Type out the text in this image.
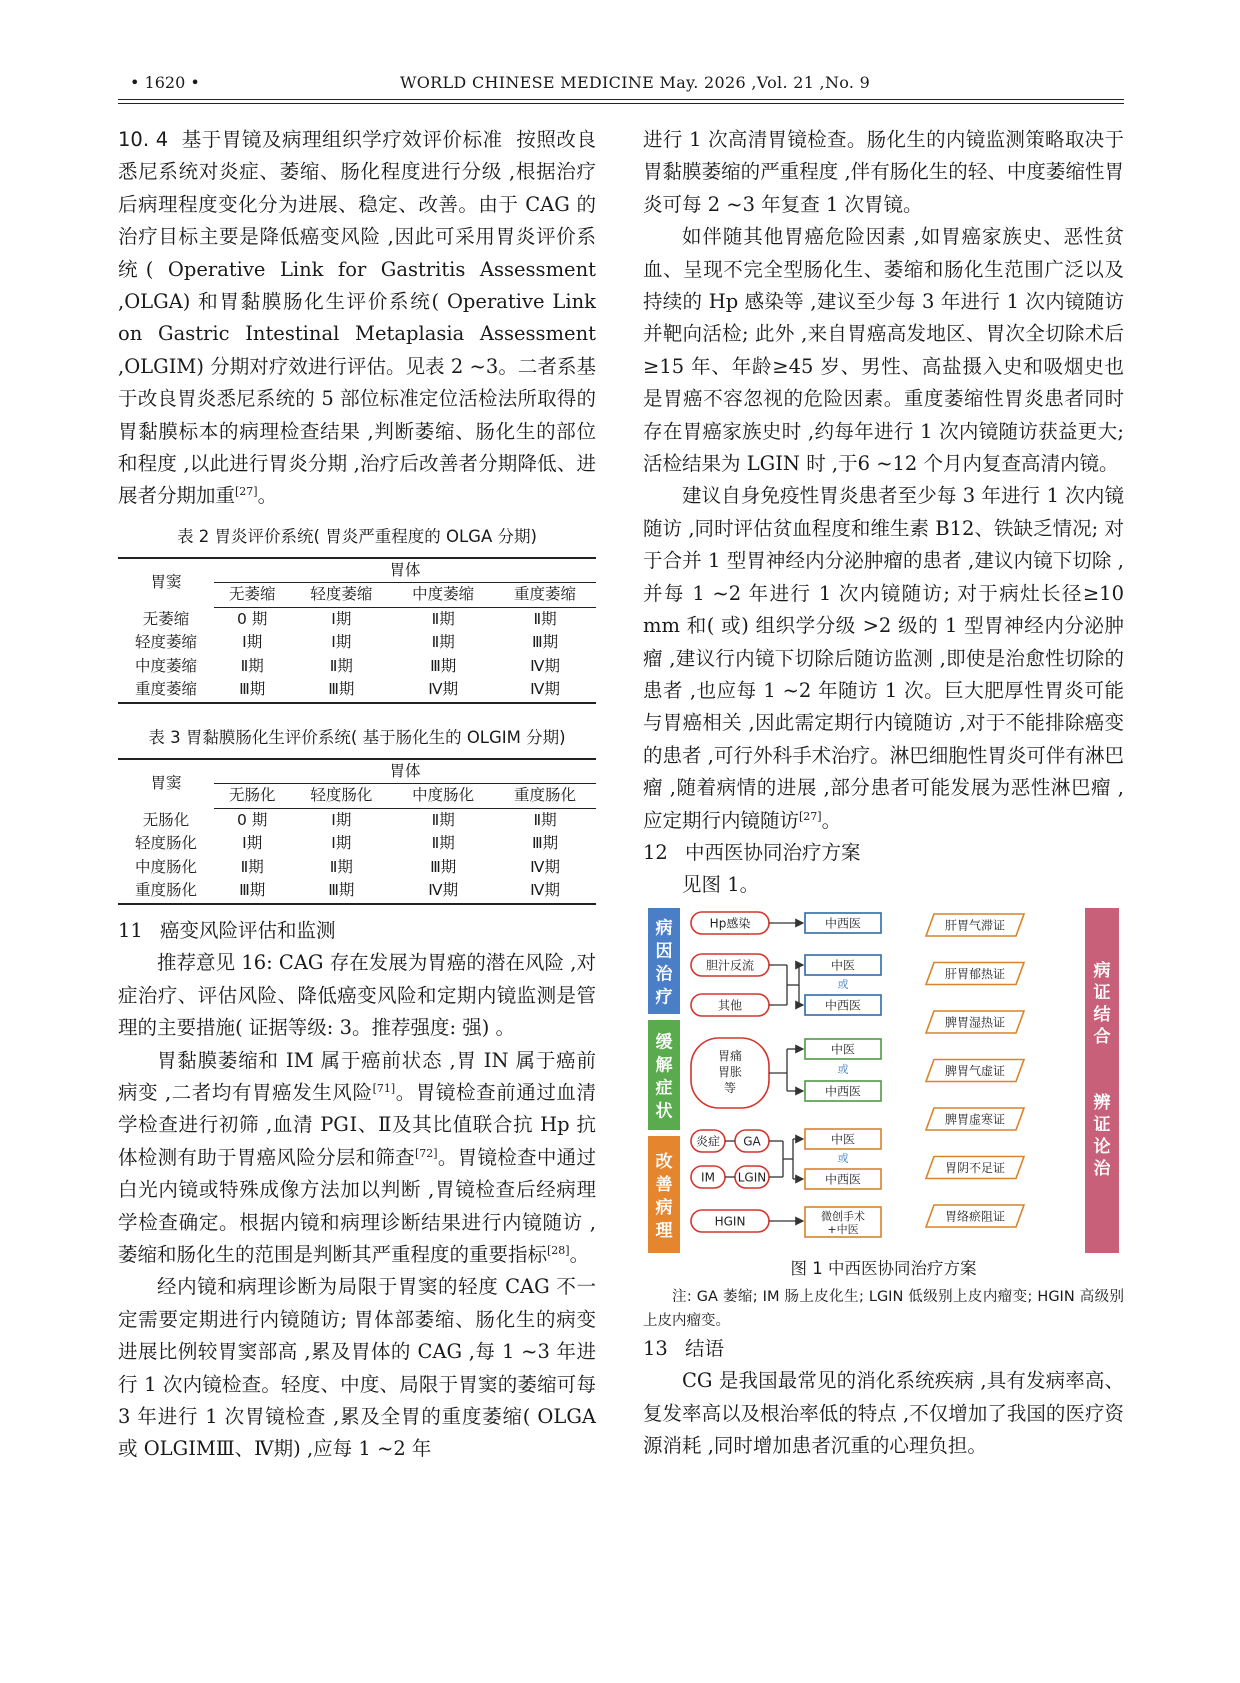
• 1620 •	WORLD CHINESE MEDICINE May. 2026 ,Vol. 21 ,No. 9

10. 4 基于胃镜及病理组织学疗效评价标准 按照改良悉尼系统对炎症、萎缩、肠化程度进行分级 ,根据治疗后病理程度变化分为进展、稳定、改善。由于 CAG 的治疗目标主要是降低癌变风险 ,因此可采用胃炎评价系统( Operative Link for Gastritis Assessment ,OLGA) 和胃黏膜肠化生评价系统( Operative Link on Gastric Intestinal Metaplasia Assessment ,OLGIM) 分期对疗效进行评估。见表 2 ~3。二者系基于改良胃炎悉尼系统的 5 部位标准定位活检法所取得的胃黏膜标本的病理检查结果 ,判断萎缩、肠化生的部位和程度 ,以此进行胃炎分期 ,治疗后改善者分期降低、进展者分期加重[27]。

表 2 胃炎评价系统( 胃炎严重程度的 OLGA 分期)
胃窦	胃体			
	无萎缩	轻度萎缩	中度萎缩	重度萎缩
无萎缩	0 期	Ⅰ期	Ⅱ期	Ⅱ期
轻度萎缩	Ⅰ期	Ⅰ期	Ⅱ期	Ⅲ期
中度萎缩	Ⅱ期	Ⅱ期	Ⅲ期	Ⅳ期
重度萎缩	Ⅲ期	Ⅲ期	Ⅳ期	Ⅳ期
表 3 胃黏膜肠化生评价系统( 基于肠化生的 OLGIM 分期)
胃窦	胃体			
	无肠化	轻度肠化	中度肠化	重度肠化
无肠化	0 期	Ⅰ期	Ⅱ期	Ⅱ期
轻度肠化	Ⅰ期	Ⅰ期	Ⅱ期	Ⅲ期
中度肠化	Ⅱ期	Ⅱ期	Ⅲ期	Ⅳ期
重度肠化	Ⅲ期	Ⅲ期	Ⅳ期	Ⅳ期

11 癌变风险评估和监测

推荐意见 16: CAG 存在发展为胃癌的潜在风险 ,对症治疗、评估风险、降低癌变风险和定期内镜监测是管理的主要措施( 证据等级: 3。推荐强度: 强) 。

胃黏膜萎缩和 IM 属于癌前状态 ,胃 IN 属于癌前病变 ,二者均有胃癌发生风险[71]。胃镜检查前通过血清学检查进行初筛 ,血清 PGⅠ、Ⅱ及其比值联合抗 Hp 抗体检测有助于胃癌风险分层和筛查[72]。胃镜检查中通过白光内镜或特殊成像方法加以判断 ,胃镜检查后经病理学检查确定。根据内镜和病理诊断结果进行内镜随访 ,萎缩和肠化生的范围是判断其严重程度的重要指标[28]。

经内镜和病理诊断为局限于胃窦的轻度 CAG 不一定需要定期进行内镜随访; 胃体部萎缩、肠化生的病变进展比例较胃窦部高 ,累及胃体的 CAG ,每 1 ~3 年进行 1 次内镜检查。轻度、中度、局限于胃窦的萎缩可每 3 年进行 1 次胃镜检查 ,累及全胃的重度萎缩( OLGA 或 OLGIMⅢ、Ⅳ期) ,应每 1 ~2 年

进行 1 次高清胃镜检查。肠化生的内镜监测策略取决于胃黏膜萎缩的严重程度 ,伴有肠化生的轻、中度萎缩性胃炎可每 2 ~3 年复查 1 次胃镜。

如伴随其他胃癌危险因素 ,如胃癌家族史、恶性贫血、呈现不完全型肠化生、萎缩和肠化生范围广泛以及持续的 Hp 感染等 ,建议至少每 3 年进行 1 次内镜随访并靶向活检; 此外 ,来自胃癌高发地区、胃次全切除术后≥15 年、年龄≥45 岁、男性、高盐摄入史和吸烟史也是胃癌不容忽视的危险因素。重度萎缩性胃炎患者同时存在胃癌家族史时 ,约每年进行 1 次内镜随访获益更大; 活检结果为 LGIN 时 ,于6 ~12 个月内复查高清内镜。

建议自身免疫性胃炎患者至少每 3 年进行 1 次内镜随访 ,同时评估贫血程度和维生素 B12、铁缺乏情况; 对于合并 1 型胃神经内分泌肿瘤的患者 ,建议内镜下切除 ,并每 1 ~2 年进行 1 次内镜随访; 对于病灶长径≥10 mm 和( 或) 组织学分级 >2 级的 1 型胃神经内分泌肿瘤 ,建议行内镜下切除后随访监测 ,即使是治愈性切除的患者 ,也应每 1 ~2 年随访 1 次。巨大肥厚性胃炎可能与胃癌相关 ,因此需定期行内镜随访 ,对于不能排除癌变的患者 ,可行外科手术治疗。淋巴细胞性胃炎可伴有淋巴瘤 ,随着病情的进展 ,部分患者可能发展为恶性淋巴瘤 ,应定期行内镜随访[27]。

12 中西医协同治疗方案

见图 1。

病
因
治
疗
缓
解
症
状
改
善
病
理
病
证
结
合
辨
证
论
治
Hp感染
胆汁反流
其他
胃痛
胃胀
等
炎症 GA
IM LGIN
HGIN
中西医
中医
或
中西医
中医
或
中西医
中医
或
中西医
微创手术
+中医
肝胃气滞证
肝胃郁热证
脾胃湿热证
脾胃气虚证
脾胃虚寒证
胃阴不足证
胃络瘀阻证
图 1 中西医协同治疗方案

注: GA 萎缩; IM 肠上皮化生; LGIN 低级别上皮内瘤变; HGIN 高级别上皮内瘤变。

13 结语

CG 是我国最常见的消化系统疾病 ,具有发病率高、复发率高以及根治率低的特点 ,不仅增加了我国的医疗资源消耗 ,同时增加患者沉重的心理负担。
